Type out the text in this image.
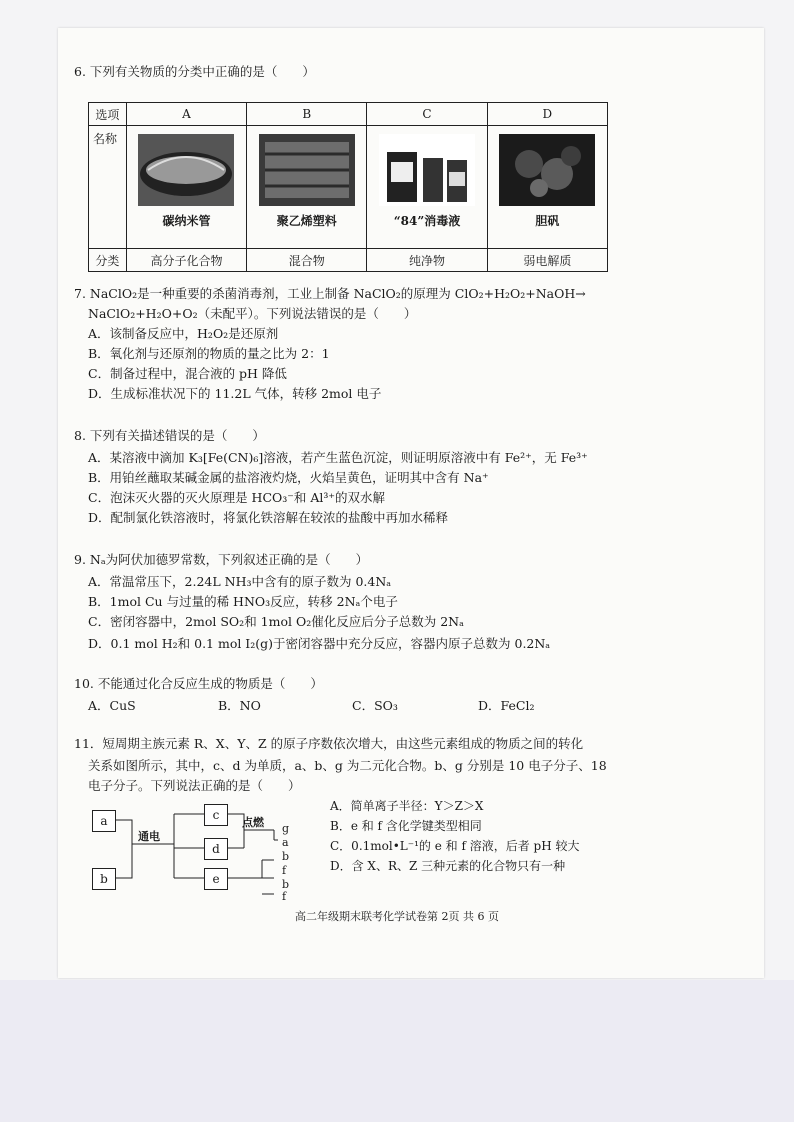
6. 下列有关物质的分类中正确的是（　　）
选项	A	B	C	D
名称	碳纳米管	聚乙烯塑料	“84”消毒液	胆矾

分类	高分子化合物	混合物	纯净物	弱电解质
7. NaClO₂是一种重要的杀菌消毒剂，工业上制备 NaClO₂的原理为 ClO₂+H₂O₂+NaOH→
NaClO₂+H₂O+O₂（未配平）。下列说法错误的是（　　）
A．该制备反应中，H₂O₂是还原剂
B．氧化剂与还原剂的物质的量之比为 2：1
C．制备过程中，混合液的 pH 降低
D．生成标准状况下的 11.2L 气体，转移 2mol 电子
8. 下列有关描述错误的是（　　）
A．某溶液中滴加 K₃[Fe(CN)₆]溶液，若产生蓝色沉淀，则证明原溶液中有 Fe²⁺，无 Fe³⁺
B．用铂丝蘸取某碱金属的盐溶液灼烧，火焰呈黄色，证明其中含有 Na⁺
C．泡沫灭火器的灭火原理是 HCO₃⁻和 Al³⁺的双水解
D．配制氯化铁溶液时，将氯化铁溶解在较浓的盐酸中再加水稀释
9. Nₐ为阿伏加德罗常数，下列叙述正确的是（　　）
A．常温常压下，2.24L NH₃中含有的原子数为 0.4Nₐ
B．1mol Cu 与过量的稀 HNO₃反应，转移 2Nₐ个电子
C．密闭容器中，2mol SO₂和 1mol O₂催化反应后分子总数为 2Nₐ
D．0.1 mol H₂和 0.1 mol I₂(g)于密闭容器中充分反应，容器内原子总数为 0.2Nₐ
10. 不能通过化合反应生成的物质是（　　）
A．CuS	B．NO	C．SO₃	D．FeCl₂
11．短周期主族元素 R、X、Y、Z 的原子序数依次增大，由这些元素组成的物质之间的转化
关系如图所示，其中，c、d 为单质，a、b、g 为二元化合物。b、g 分别是 10 电子分子、18
电子分子。下列说法正确的是（　　）
a
b
c
d
e
通电
点燃 g
a
b
f
b
f
A．简单离子半径：Y＞Z＞X
B．e 和 f 含化学键类型相同
C．0.1mol•L⁻¹的 e 和 f 溶液，后者 pH 较大
D．含 X、R、Z 三种元素的化合物只有一种
高二年级期末联考化学试卷第 2页 共 6 页
